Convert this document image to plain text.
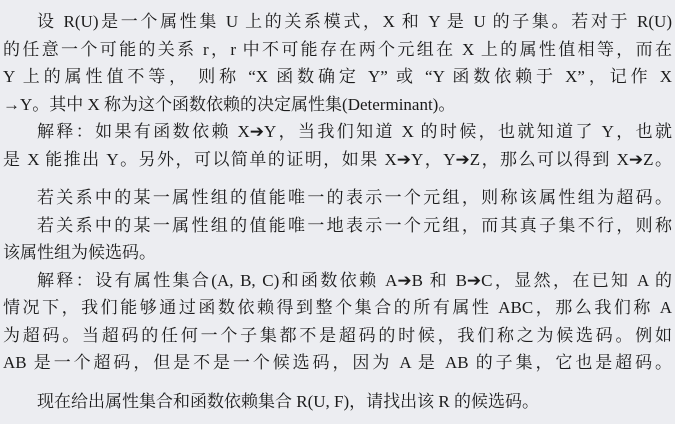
设 R(U)是一个属性集 U 上的关系模式，X 和 Y 是 U 的子集。若对于 R(U)
的任意一个可能的关系 r，r 中不可能存在两个元组在 X 上的属性值相等，而在
Y 上的属性值不等， 则称 “X 函数确定 Y” 或 “Y 函数依赖于 X”，记作 X
→Y。其中 X 称为这个函数依赖的决定属性集(Determinant)。
解释：如果有函数依赖 X➔Y，当我们知道 X 的时候，也就知道了 Y，也就
是 X 能推出 Y。另外，可以简单的证明，如果 X➔Y，Y➔Z，那么可以得到 X➔Z。
若关系中的某一属性组的值能唯一的表示一个元组，则称该属性组为超码。
若关系中的某一属性组的值能唯一地表示一个元组，而其真子集不行，则称
该属性组为候选码。
解释：设有属性集合(A, B, C)和函数依赖 A➔B 和 B➔C，显然，在已知 A 的
情况下，我们能够通过函数依赖得到整个集合的所有属性 ABC，那么我们称 A
为超码。当超码的任何一个子集都不是超码的时候，我们称之为候选码。例如
AB 是一个超码，但是不是一个候选码，因为 A 是 AB 的子集，它也是超码。
现在给出属性集合和函数依赖集合 R(U, F)，请找出该 R 的候选码。
